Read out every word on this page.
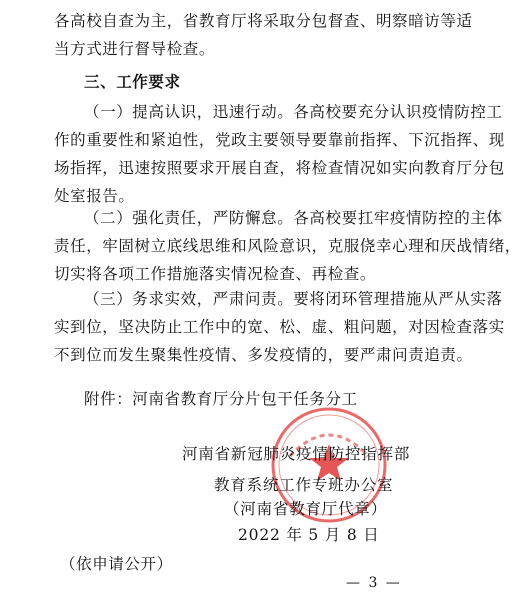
各高校自查为主，省教育厅将采取分包督查、明察暗访等适
当方式进行督导检查。
三、工作要求
（一）提高认识，迅速行动。各高校要充分认识疫情防控工
作的重要性和紧迫性，党政主要领导要靠前指挥、下沉指挥、现
场指挥，迅速按照要求开展自查，将检查情况如实向教育厅分包
处室报告。
（二）强化责任，严防懈怠。各高校要扛牢疫情防控的主体
责任，牢固树立底线思维和风险意识，克服侥幸心理和厌战情绪，
切实将各项工作措施落实情况检查、再检查。
（三）务求实效，严肃问责。要将闭环管理措施从严从实落
实到位，坚决防止工作中的宽、松、虚、粗问题，对因检查落实
不到位而发生聚集性疫情、多发疫情的，要严肃问责追责。
附件：河南省教育厅分片包干任务分工
河南省新冠肺炎疫情防控指挥部
教育系统工作专班办公室
（河南省教育厅代章）
2022 年 5 月 8 日
（依申请公开）
— 3 —
